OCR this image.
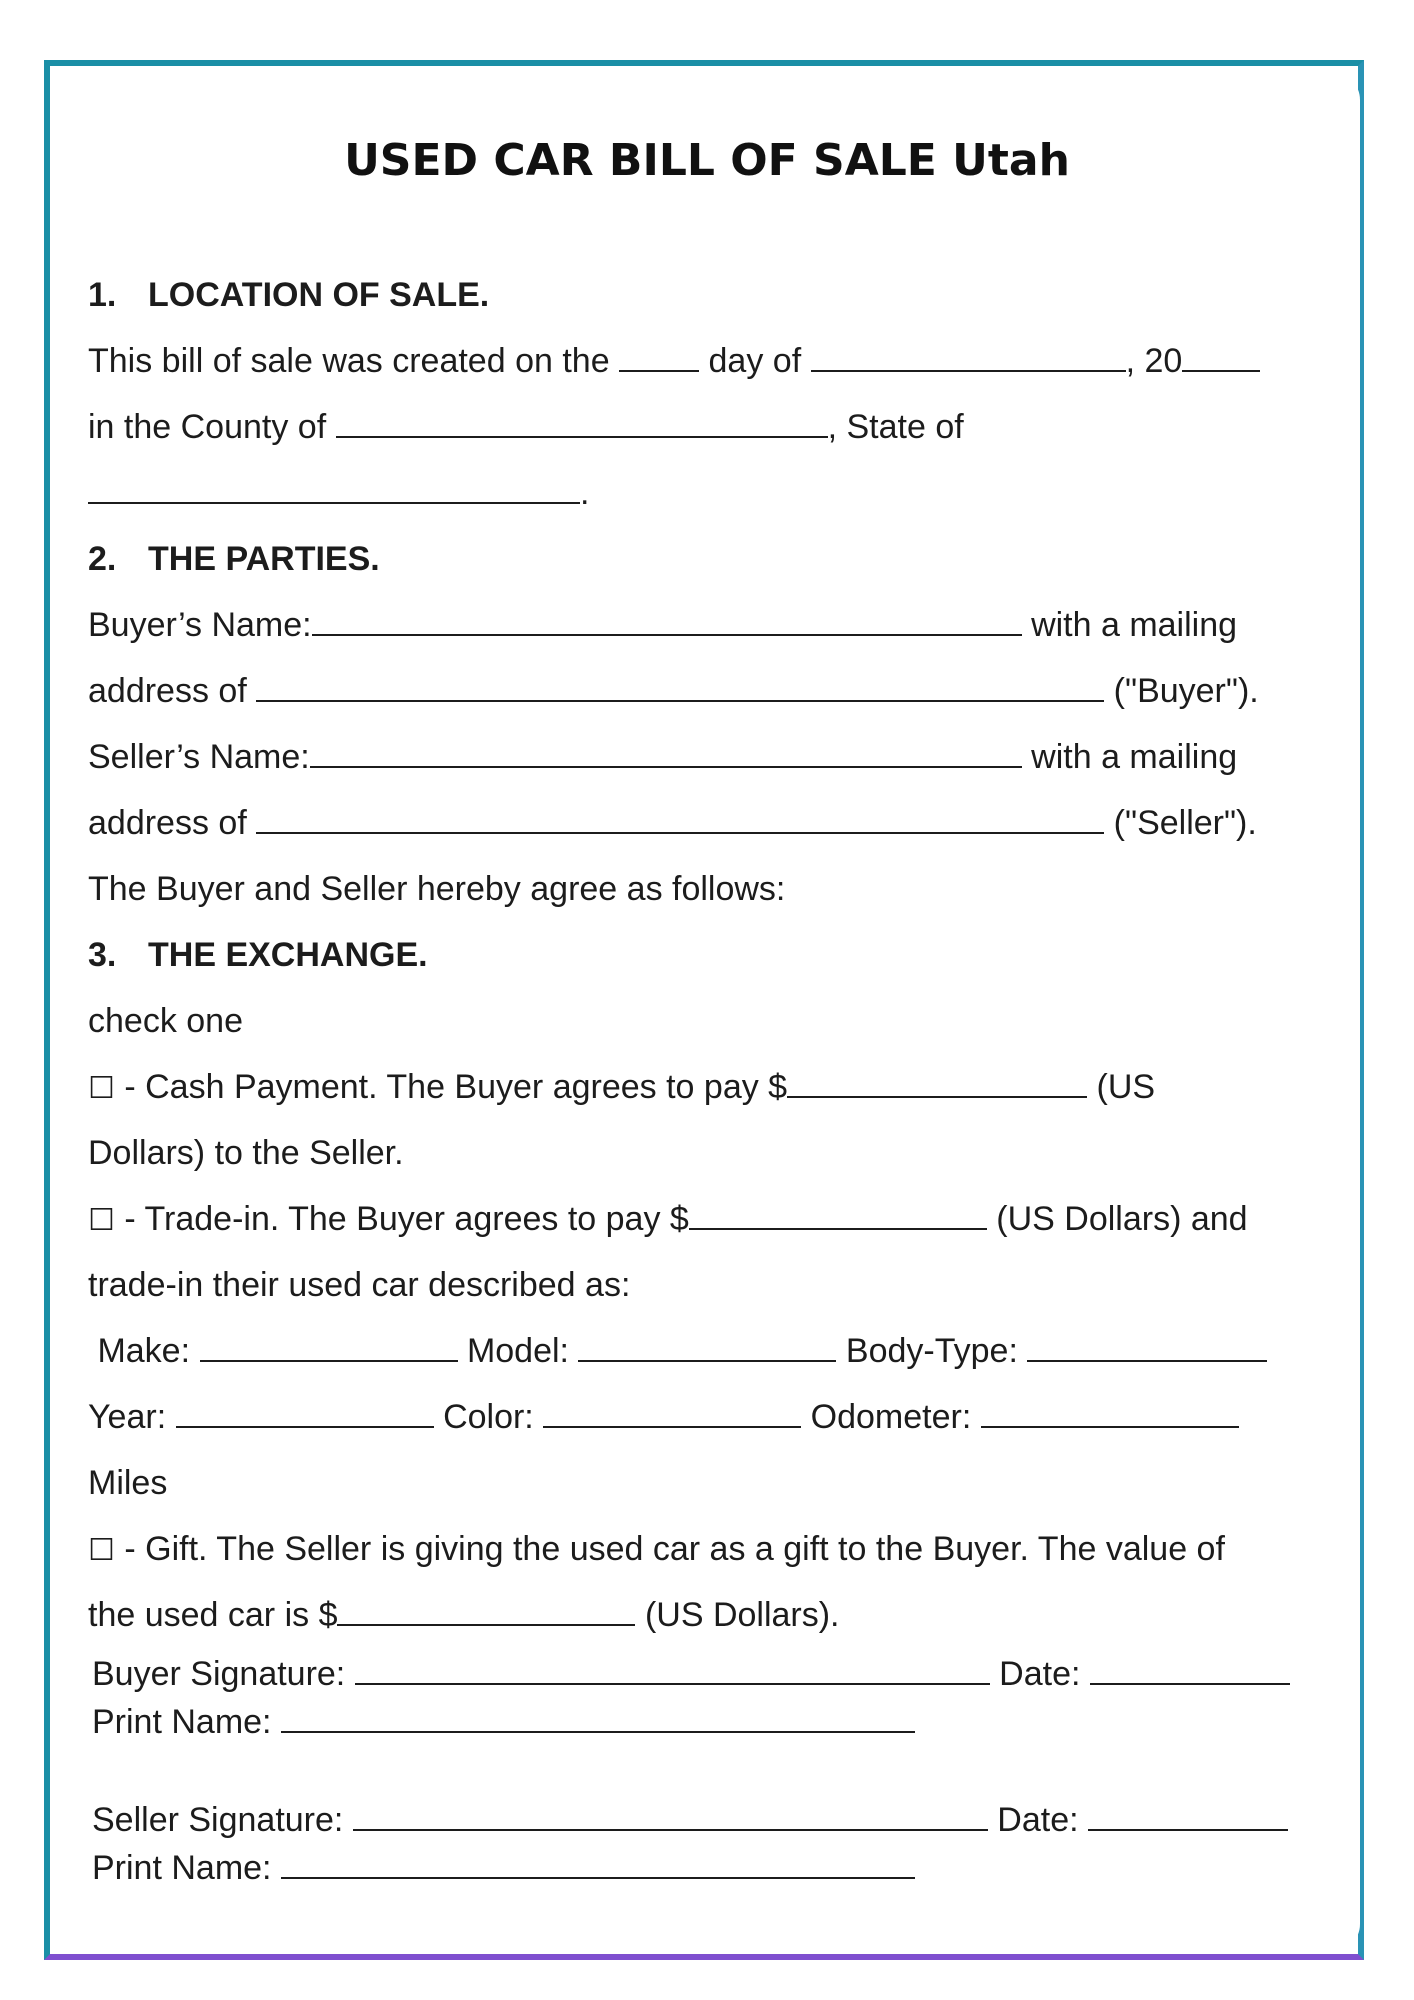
USED CAR BILL OF SALE Utah
1. LOCATION OF SALE.
This bill of sale was created on the	day of	, 20
in the County of	, State of
.
2. THE PARTIES.
Buyer’s Name:	with a mailing
address of	("Buyer").
Seller’s Name:	with a mailing
address of	("Seller").
The Buyer and Seller hereby agree as follows:
3. THE EXCHANGE.
check one
☐ - Cash Payment. The Buyer agrees to pay $	(US
Dollars) to the Seller.
☐ - Trade-in. The Buyer agrees to pay $	(US Dollars) and
trade-in their used car described as:
Make:	Model:	Body-Type:
Year:	Color:	Odometer:
Miles
☐ - Gift. The Seller is giving the used car as a gift to the Buyer. The value of
the used car is $	(US Dollars).
Buyer Signature:	Date:
Print Name:
Seller Signature:	Date:
Print Name:
